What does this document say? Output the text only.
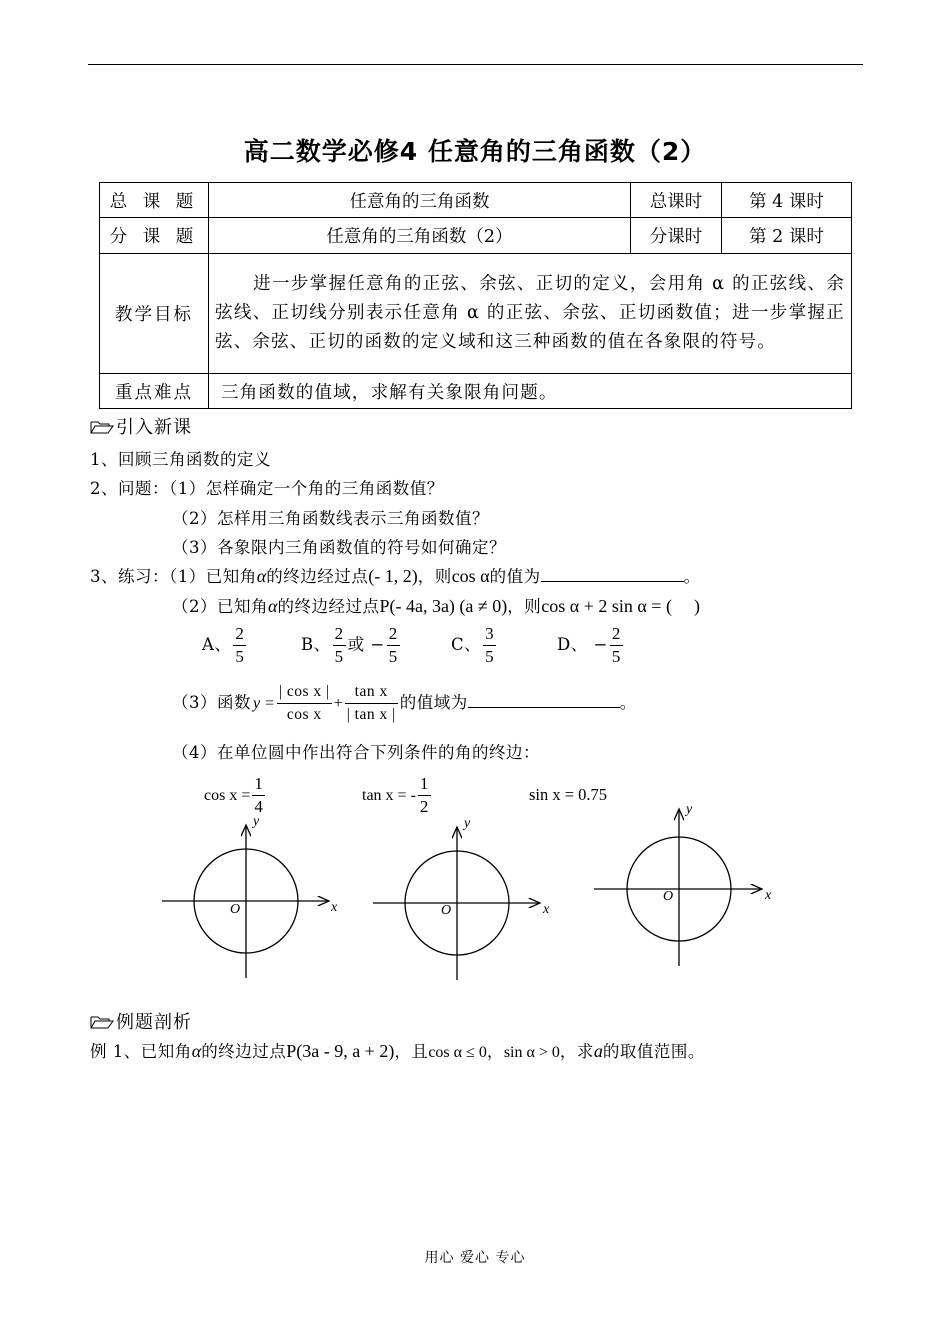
高二数学必修4 任意角的三角函数（2）
总 课 题	任意角的三角函数	总课时	第 4 课时
分 课 题	任意角的三角函数（2）	分课时	第 2 课时
教学目标	进一步掌握任意角的正弦、余弦、正切的定义，会用角 α 的正弦线、余弦线、正切线分别表示任意角 α 的正弦、余弦、正切函数值；进一步掌握正弦、余弦、正切的函数的定义域和这三种函数的值在各象限的符号。		
重点难点	三角函数的值域，求解有关象限角问题。		
引入新课
1、回顾三角函数的定义
2、问题：（1）怎样确定一个角的三角函数值？
（2）怎样用三角函数线表示三角函数值？
（3）各象限内三角函数值的符号如何确定？
3、练习：（1）已知角α的终边经过点(- 1, 2)，则cos α的值为	。
（2）已知角α的终边经过点P(- 4a, 3a) (a ≠ 0)，则cos α + 2 sin α = ( )
A、 $\frac{2}{5}$	B、 $\frac{2}{5}$ 或 − $\frac{2}{5}$	C、 $\frac{3}{5}$	D、 − $\frac{2}{5}$
（3）函数 $y = \frac{\text{| cos x |}}{\text{cos x}} + \frac{\text{tan x}}{\text{| tan x |}}$ 的值域为	。
（4）在单位圆中作出符合下列条件的角的终边：
$\cos x = \frac{1}{4}$	tan x = - $\frac{1}{2}$	sin x = 0.75
x
y
O	x
y
O
x
y
O
例题剖析
例 1、已知角α的终边过点P(3a - 9, a + 2)，且cos α ≤ 0，sin α > 0，求a的取值范围。
用心 爱心 专心
